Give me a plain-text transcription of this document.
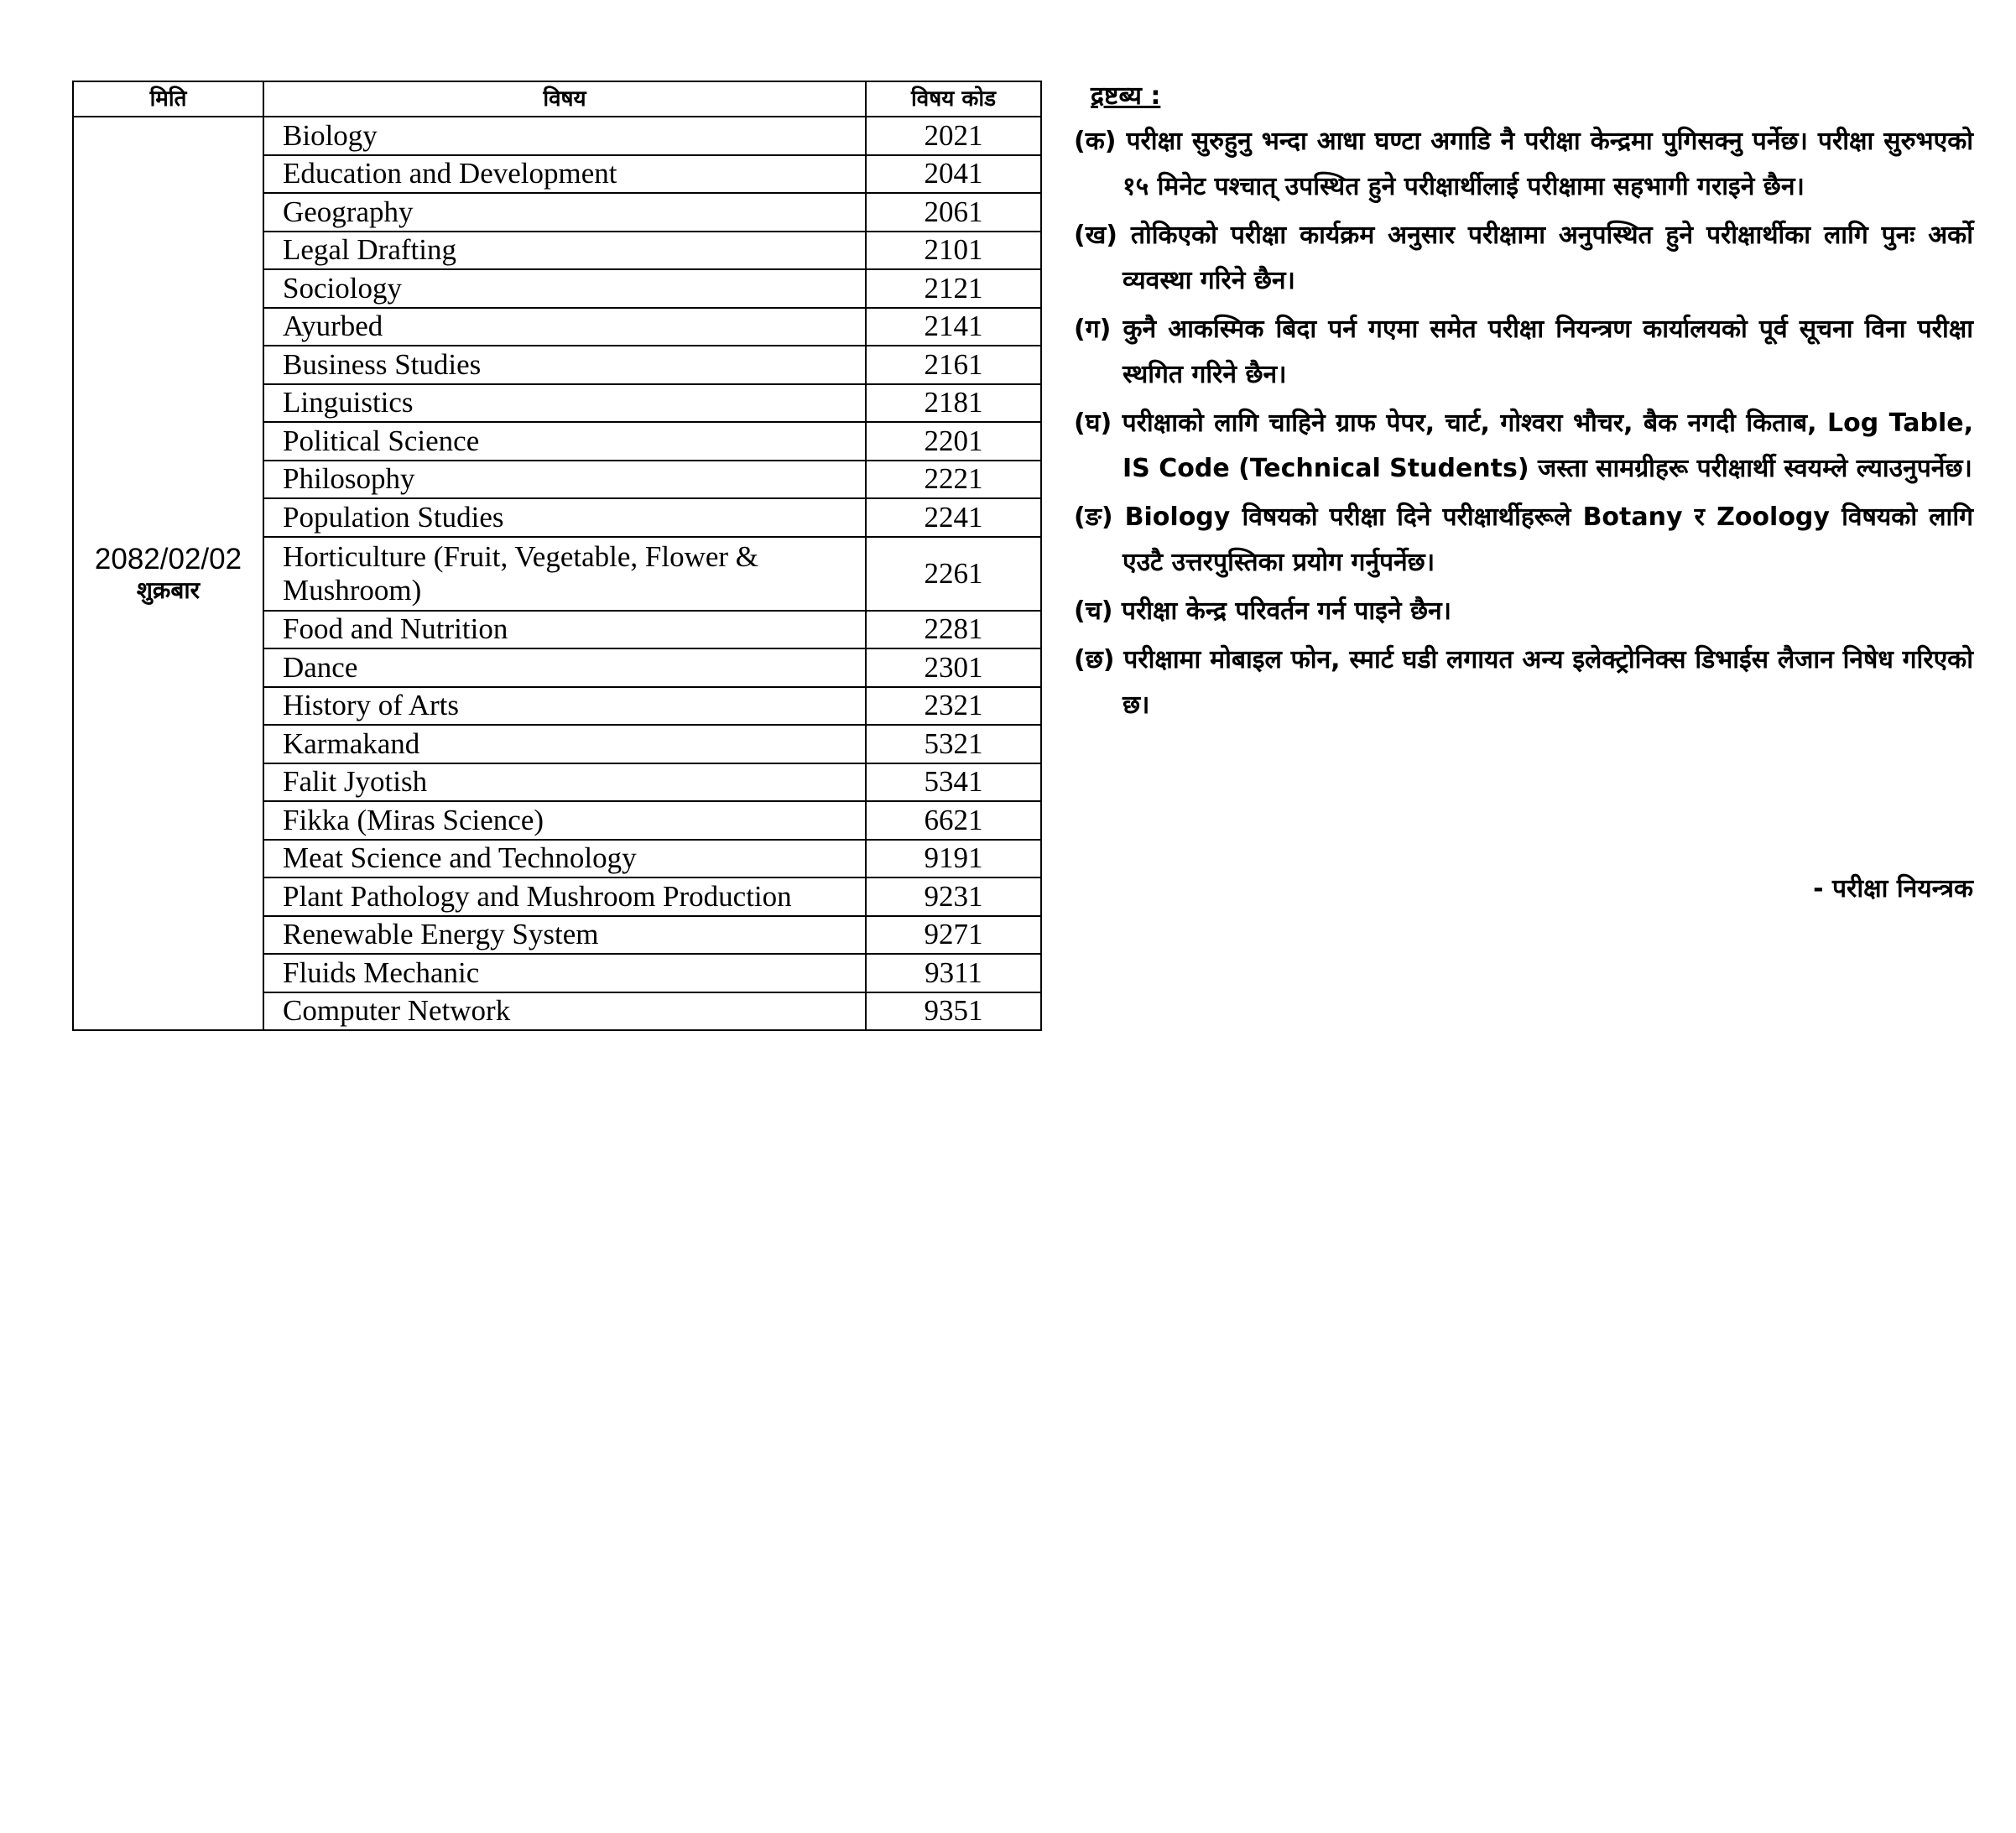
मिति	विषय	विषय कोड

2082/02/02
शुक्रबार	Biology	2021
	Education and Development	2041
	Geography	2061
	Legal Drafting	2101
	Sociology	2121
	Ayurbed	2141
	Business Studies	2161
	Linguistics	2181
	Political Science	2201
	Philosophy	2221
	Population Studies	2241
	Horticulture (Fruit, Vegetable, Flower & Mushroom)	2261
	Food and Nutrition	2281
	Dance	2301
	History of Arts	2321
	Karmakand	5321
	Falit Jyotish	5341
	Fikka (Miras Science)	6621
	Meat Science and Technology	9191
	Plant Pathology and Mushroom Production	9231
	Renewable Energy System	9271
	Fluids Mechanic	9311
	Computer Network	9351
द्रष्टब्य :

(क) परीक्षा सुरुहुनु भन्दा आधा घण्टा अगाडि नै परीक्षा केन्द्रमा पुगिसक्नु पर्नेछ। परीक्षा सुरुभएको १५ मिनेट पश्चात् उपस्थित हुने परीक्षार्थीलाई परीक्षामा सहभागी गराइने छैन।

(ख) तोकिएको परीक्षा कार्यक्रम अनुसार परीक्षामा अनुपस्थित हुने परीक्षार्थीका लागि पुनः अर्को व्यवस्था गरिने छैन।

(ग) कुनै आकस्मिक बिदा पर्न गएमा समेत परीक्षा नियन्त्रण कार्यालयको पूर्व सूचना विना परीक्षा स्थगित गरिने छैन।

(घ) परीक्षाको लागि चाहिने ग्राफ पेपर, चार्ट, गोश्वरा भौचर, बैक नगदी किताब, Log Table, IS Code (Technical Students) जस्ता सामग्रीहरू परीक्षार्थी स्वयम्ले ल्याउनुपर्नेछ।

(ङ) Biology विषयको परीक्षा दिने परीक्षार्थीहरूले Botany र Zoology विषयको लागि एउटै उत्तरपुस्तिका प्रयोग गर्नुपर्नेछ।

(च) परीक्षा केन्द्र परिवर्तन गर्न पाइने छैन।

(छ) परीक्षामा मोबाइल फोन, स्मार्ट घडी लगायत अन्य इलेक्ट्रोनिक्स डिभाईस लैजान निषेध गरिएको छ।

- परीक्षा नियन्त्रक
